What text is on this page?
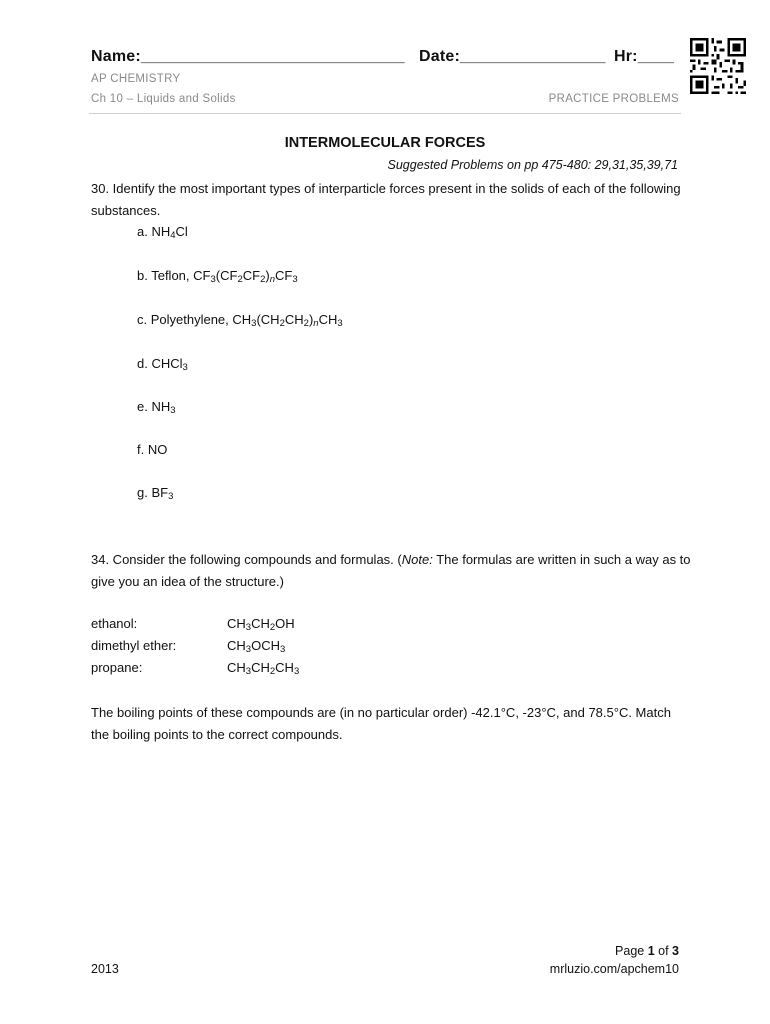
Name:_____________________________ Date:________________ Hr:____
AP CHEMISTRY
Ch 10 – Liquids and Solids	PRACTICE PROBLEMS
INTERMOLECULAR FORCES
Suggested Problems on pp 475-480: 29,31,35,39,71
30. Identify the most important types of interparticle forces present in the solids of each of the following substances.
a. $NH_4Cl$
b. Teflon, $CF_3(CF_2CF_2)_nCF_3$
c. Polyethylene, $CH_3(CH_2CH_2)_nCH_3$
d. CHCl$_3$
e. $NH_3$
f. NO
g. $BF_3$
34. Consider the following compounds and formulas. (Note: The formulas are written in such a way as to give you an idea of the structure.)
ethanol:	$CH_3CH_2OH$
dimethyl ether:	$CH_3OCH_3$
propane:	$CH_3CH_2CH_3$
The boiling points of these compounds are (in no particular order) -42.1°C, -23°C, and 78.5°C. Match the boiling points to the correct compounds.
2013
Page 1 of 3
mrluzio.com/apchem10
